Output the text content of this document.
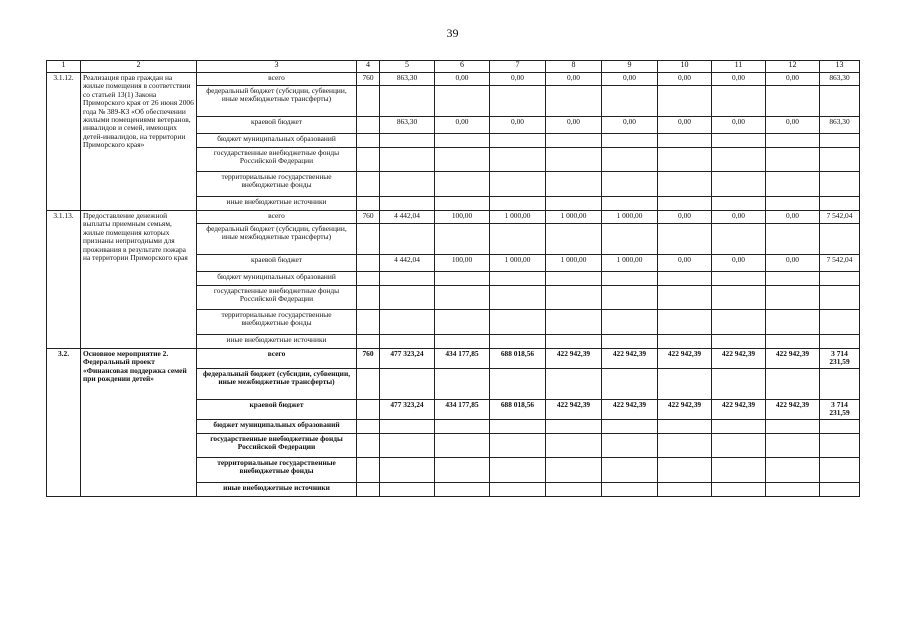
39
1	2	3	4	5	6	7	8	9	10	11	12	13
3.1.12.	Реализация прав граждан на жилые помещения в соответствии со статьей 13(1) Закона Приморского края от 26 июня 2006 года № 389-КЗ «Об обеспечении жилыми помещениями ветеранов, инвалидов и семей, имеющих детей-инвалидов, на территории Приморского края»	всего	760	863,30	0,00	0,00	0,00	0,00	0,00	0,00	0,00	863,30
		федеральный бюджет (субсидии, субвенции, иные межбюджетные трансферты)										
		краевой бюджет		863,30	0,00	0,00	0,00	0,00	0,00	0,00	0,00	863,30
		бюджет муниципальных образований										
		государственные внебюджетные фонды Российской Федерации										
		территориальные государственные внебюджетные фонды										
		иные внебюджетные источники										
3.1.13.	Предоставление денежной выплаты приемным семьям, жилые помещения которых признаны непригодными для проживания в результате пожара на территории Приморского края	всего	760	4 442,04	100,00	1 000,00	1 000,00	1 000,00	0,00	0,00	0,00	7 542,04
		федеральный бюджет (субсидии, субвенции, иные межбюджетные трансферты)										
		краевой бюджет		4 442,04	100,00	1 000,00	1 000,00	1 000,00	0,00	0,00	0,00	7 542,04
		бюджет муниципальных образований										
		государственные внебюджетные фонды Российской Федерации										
		территориальные государственные внебюджетные фонды										
		иные внебюджетные источники										
3.2.	Основное мероприятие 2. Федеральный проект «Финансовая поддержка семей при рождении детей»	всего	760	477 323,24	434 177,85	688 018,56	422 942,39	422 942,39	422 942,39	422 942,39	422 942,39	3 714 231,59
		федеральный бюджет (субсидии, субвенции, иные межбюджетные трансферты)										
		краевой бюджет		477 323,24	434 177,85	688 018,56	422 942,39	422 942,39	422 942,39	422 942,39	422 942,39	3 714 231,59
		бюджет муниципальных образований										
		государственные внебюджетные фонды Российской Федерации										
		территориальные государственные внебюджетные фонды										
		иные внебюджетные источники										
